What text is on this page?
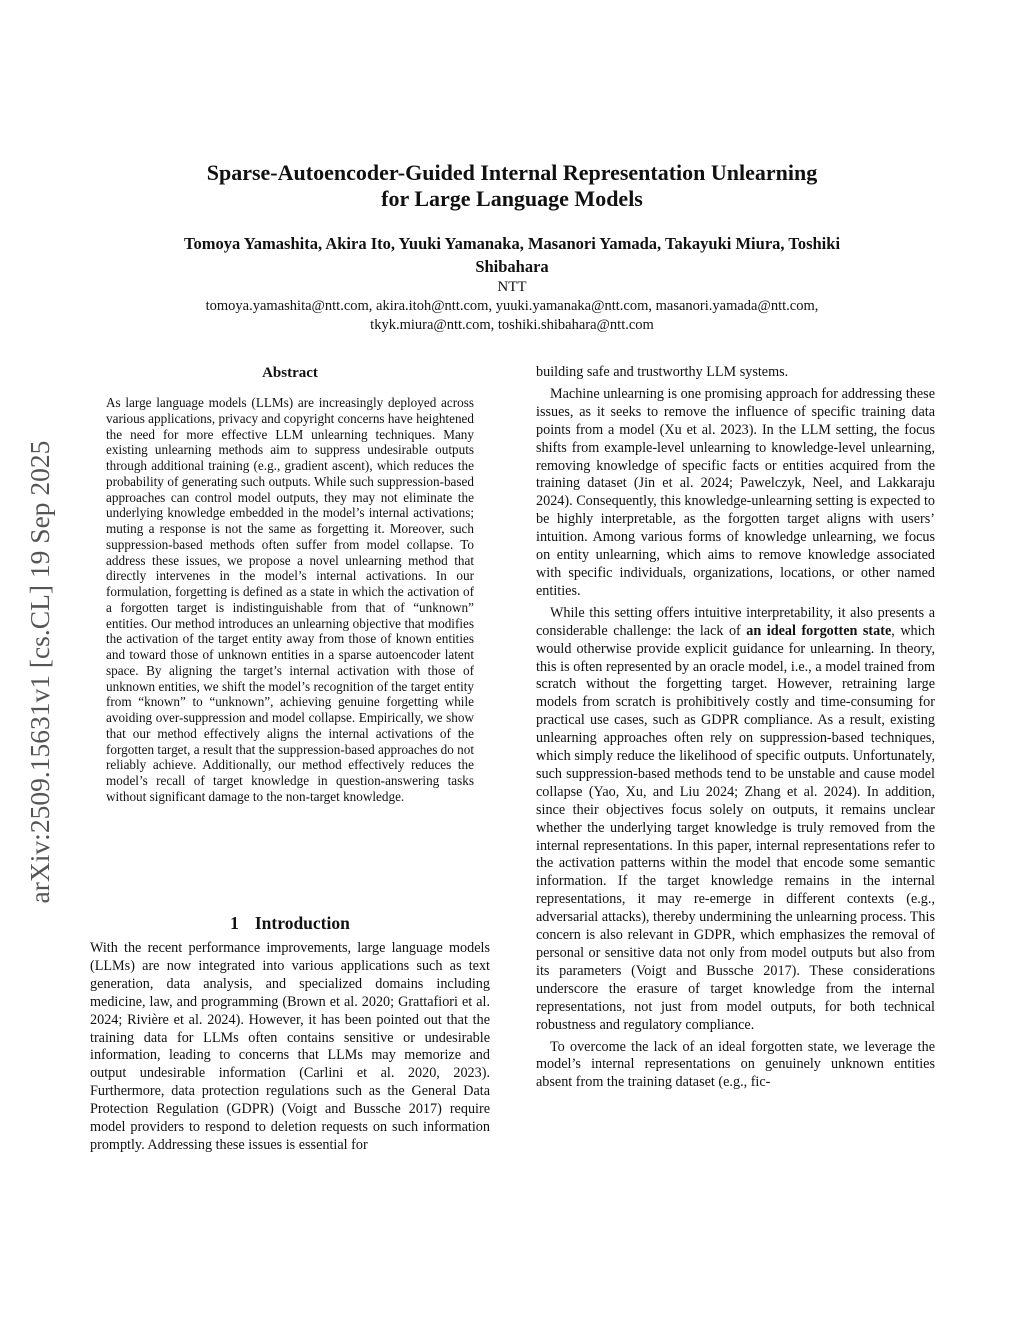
Sparse-Autoencoder-Guided Internal Representation Unlearning
for Large Language Models
Tomoya Yamashita, Akira Ito, Yuuki Yamanaka, Masanori Yamada, Takayuki Miura, Toshiki
Shibahara
NTT
tomoya.yamashita@ntt.com, akira.itoh@ntt.com, yuuki.yamanaka@ntt.com, masanori.yamada@ntt.com,
tkyk.miura@ntt.com, toshiki.shibahara@ntt.com
arXiv:2509.15631v1 [cs.CL] 19 Sep 2025
Abstract

As large language models (LLMs) are increasingly deployed across various applications, privacy and copyright concerns have heightened the need for more effective LLM unlearning techniques. Many existing unlearning methods aim to suppress undesirable outputs through additional training (e.g., gradient ascent), which reduces the probability of generating such outputs. While such suppression-based approaches can control model outputs, they may not eliminate the underlying knowledge embedded in the model’s internal activations; muting a response is not the same as forgetting it. Moreover, such suppression-based methods often suffer from model collapse. To address these issues, we propose a novel unlearning method that directly intervenes in the model’s internal activations. In our formulation, forgetting is defined as a state in which the activation of a forgotten target is indistinguishable from that of “unknown” entities. Our method introduces an unlearning objective that modifies the activation of the target entity away from those of known entities and toward those of unknown entities in a sparse autoencoder latent space. By aligning the target’s internal activation with those of unknown entities, we shift the model’s recognition of the target entity from “known” to “unknown”, achieving genuine forgetting while avoiding over-suppression and model collapse. Empirically, we show that our method effectively aligns the internal activations of the forgotten target, a result that the suppression-based approaches do not reliably achieve. Additionally, our method effectively reduces the model’s recall of target knowledge in question-answering tasks without significant damage to the non-target knowledge.

1 Introduction

With the recent performance improvements, large language models (LLMs) are now integrated into various applications such as text generation, data analysis, and specialized domains including medicine, law, and programming (Brown et al. 2020; Grattafiori et al. 2024; Rivière et al. 2024). However, it has been pointed out that the training data for LLMs often contains sensitive or undesirable information, leading to concerns that LLMs may memorize and output undesirable information (Carlini et al. 2020, 2023). Furthermore, data protection regulations such as the General Data Protection Regulation (GDPR) (Voigt and Bussche 2017) require model providers to respond to deletion requests on such information promptly. Addressing these issues is essential for

building safe and trustworthy LLM systems.

Machine unlearning is one promising approach for addressing these issues, as it seeks to remove the influence of specific training data points from a model (Xu et al. 2023). In the LLM setting, the focus shifts from example-level unlearning to knowledge-level unlearning, removing knowledge of specific facts or entities acquired from the training dataset (Jin et al. 2024; Pawelczyk, Neel, and Lakkaraju 2024). Consequently, this knowledge-unlearning setting is expected to be highly interpretable, as the forgotten target aligns with users’ intuition. Among various forms of knowledge unlearning, we focus on entity unlearning, which aims to remove knowledge associated with specific individuals, organizations, locations, or other named entities.

While this setting offers intuitive interpretability, it also presents a considerable challenge: the lack of an ideal forgotten state, which would otherwise provide explicit guidance for unlearning. In theory, this is often represented by an oracle model, i.e., a model trained from scratch without the forgetting target. However, retraining large models from scratch is prohibitively costly and time-consuming for practical use cases, such as GDPR compliance. As a result, existing unlearning approaches often rely on suppression-based techniques, which simply reduce the likelihood of specific outputs. Unfortunately, such suppression-based methods tend to be unstable and cause model collapse (Yao, Xu, and Liu 2024; Zhang et al. 2024). In addition, since their objectives focus solely on outputs, it remains unclear whether the underlying target knowledge is truly removed from the internal representations. In this paper, internal representations refer to the activation patterns within the model that encode some semantic information. If the target knowledge remains in the internal representations, it may re-emerge in different contexts (e.g., adversarial attacks), thereby undermining the unlearning process. This concern is also relevant in GDPR, which emphasizes the removal of personal or sensitive data not only from model outputs but also from its parameters (Voigt and Bussche 2017). These considerations underscore the erasure of target knowledge from the internal representations, not just from model outputs, for both technical robustness and regulatory compliance.

To overcome the lack of an ideal forgotten state, we leverage the model’s internal representations on genuinely unknown entities absent from the training dataset (e.g., fic-
